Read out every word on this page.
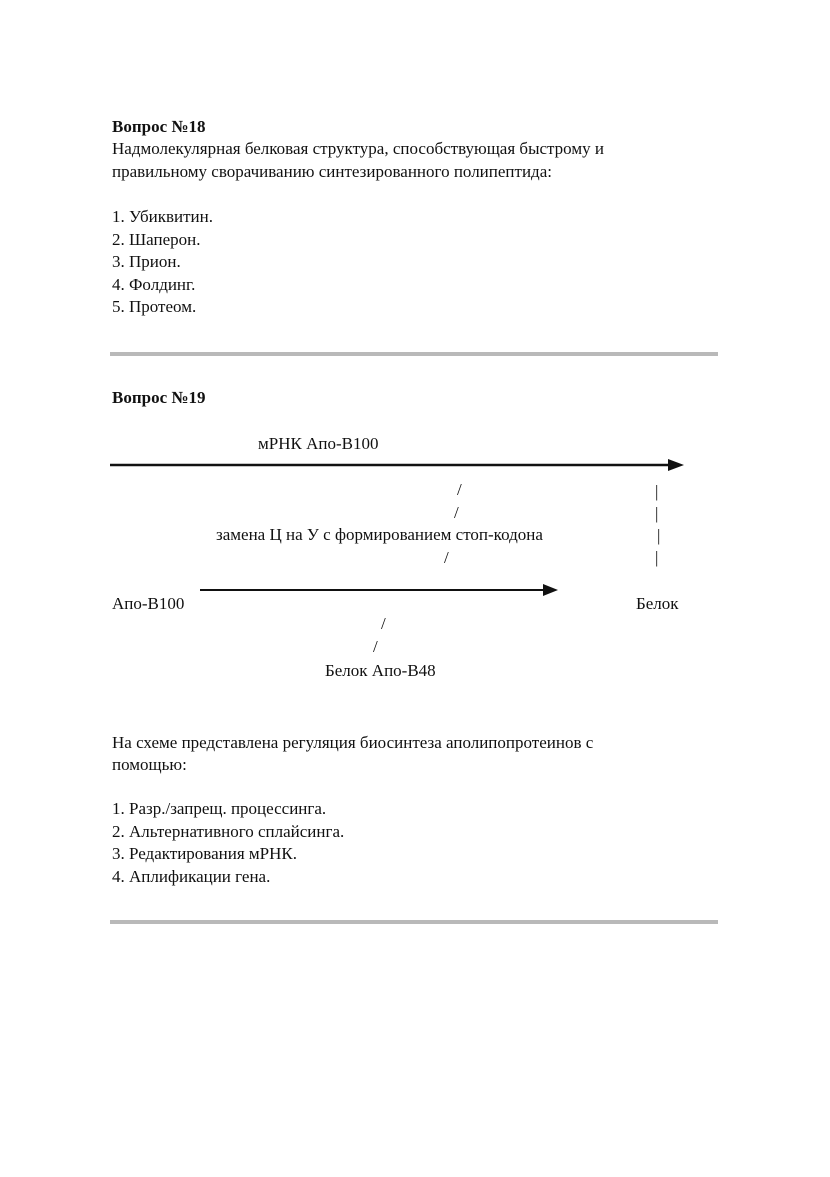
Вопрос №18
Надмолекулярная белковая структура, способствующая быстрому и
правильному сворачиванию синтезированного полипептида:
1. Убиквитин.
2. Шаперон.
3. Прион.
4. Фолдинг.
5. Протеом.
Вопрос №19
мРНК Апо-В100
/
/
/
|
|
|
|
замена Ц на У с формированием стоп-кодона
Апо-В100	Белок
/
/
Белок Апо-В48
На схеме представлена регуляция биосинтеза аполипопротеинов с
помощью:
1. Разр./запрещ. процессинга.
2. Альтернативного сплайсинга.
3. Редактирования мРНК.
4. Аплификации гена.
